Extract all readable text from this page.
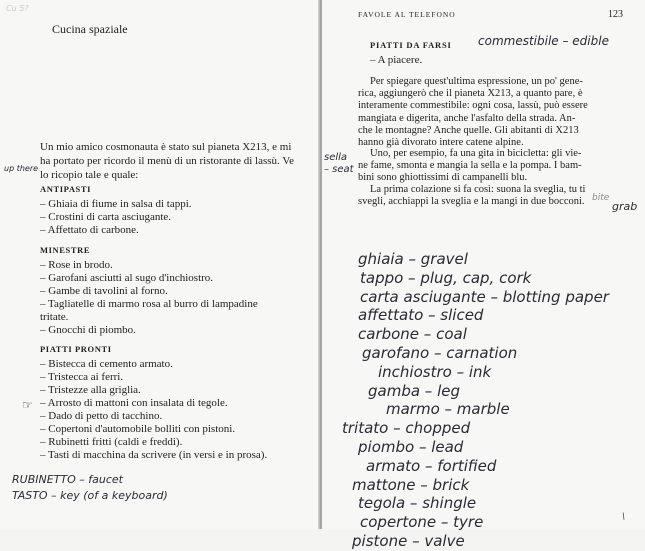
Cu 5?
Cucina spaziale
Un mio amico cosmonauta è stato sul pianeta X213, e mi ha portato per ricordo il menù di un ristorante di lassù. Ve lo ricopio tale e quale:
up there
ANTIPASTI
– Ghiaia di fiume in salsa di tappi.
– Crostini di carta asciugante.
– Affettato di carbone.
MINESTRE
– Rose in brodo.
– Garofani asciutti al sugo d'inchiostro.
– Gambe di tavolini al forno.
– Tagliatelle di marmo rosa al burro di lampadine
tritate.
– Gnocchi di piombo.
PIATTI PRONTI
– Bistecca di cemento armato.
– Tristecca ai ferri.
– Tristezze alla griglia.
– Arrosto di mattoni con insalata di tegole.
– Dado di petto di tacchino.
– Copertoni d'automobile bolliti con pistoni.
– Rubinetti fritti (caldi e freddi).
– Tasti di macchina da scrivere (in versi e in prosa).
☞
RUBINETTO – faucet
TASTO – key (of a keyboard)
FAVOLE AL TELEFONO	123
PIATTI DA FARSI commestibile – edible
– A piacere.
Per spiegare quest'ultima espressione, un po' gene-
rica, aggiungerò che il pianeta X213, a quanto pare, è
interamente commestibile: ogni cosa, lassù, può essere
mangiata e digerita, anche l'asfalto della strada. An-
che le montagne? Anche quelle. Gli abitanti di X213
hanno già divorato intere catene alpine.
Uno, per esempio, fa una gita in bicicletta: gli vie-
ne fame, smonta e mangia la sella e la pompa. I bam-
bini sono ghiottissimi di campanelli blu.
La prima colazione si fa così: suona la sveglia, tu ti
svegli, acchiappi la sveglia e la mangi in due bocconi.
sella – seat
bite
grab
ghiaia – gravel
tappo – plug, cap, cork
carta asciugante – blotting paper
affettato – sliced
carbone – coal
garofano – carnation
inchiostro – ink
gamba – leg
marmo – marble
tritato – chopped
piombo – lead
armato – fortified
mattone – brick
tegola – shingle
copertone – tyre
pistone – valve
\
